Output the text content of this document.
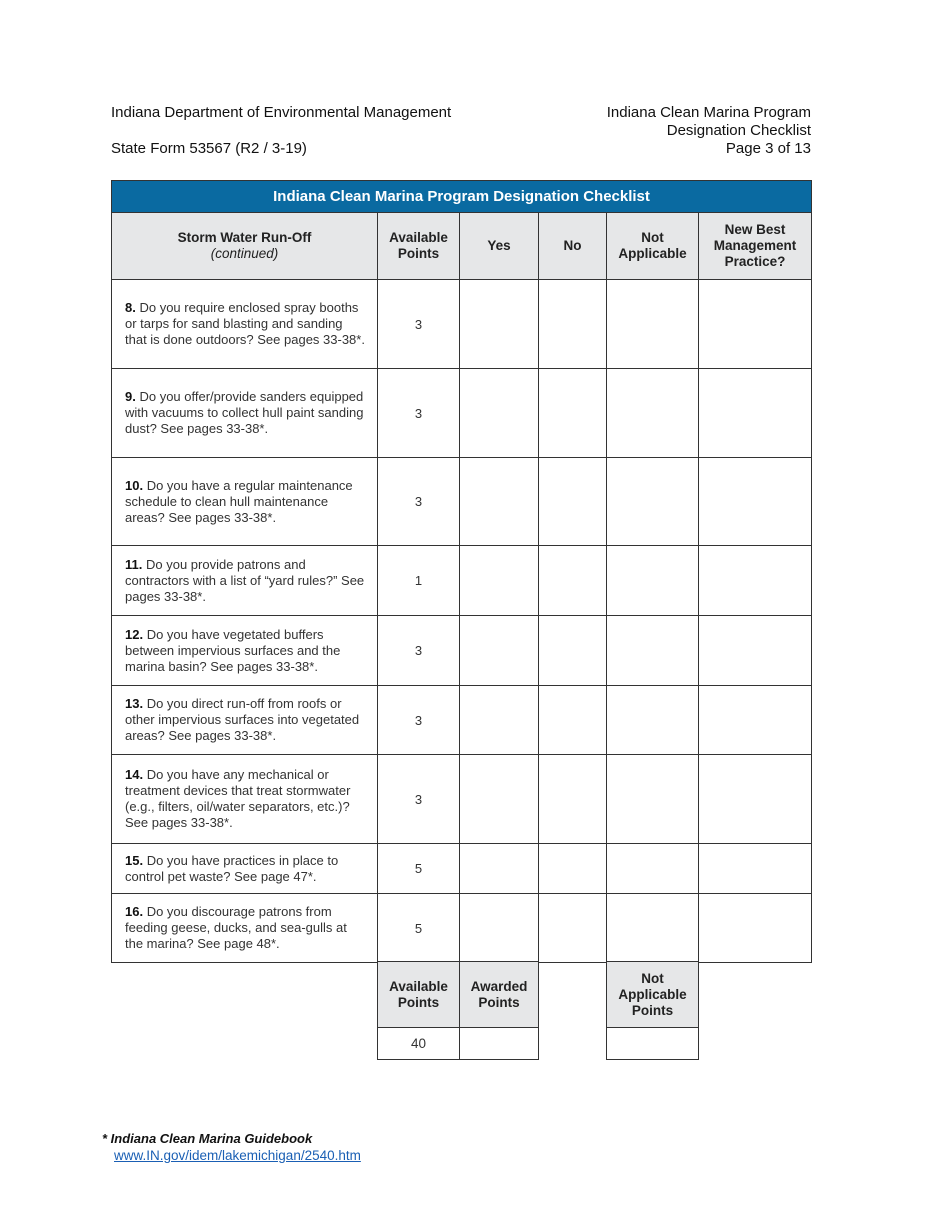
Indiana Department of Environmental Management
State Form 53567 (R2 / 3-19)
Indiana Clean Marina Program
Designation Checklist
Page 3 of 13
Indiana Clean Marina Program Designation Checklist					
Storm Water Run-Off
(continued)	Available Points	Yes	No	Not Applicable	New Best Management Practice?
8. Do you require enclosed spray booths or tarps for sand blasting and sanding that is done outdoors? See pages 33-38*.	3				
9. Do you offer/provide sanders equipped with vacuums to collect hull paint sanding dust? See pages 33-38*.	3				
10. Do you have a regular maintenance schedule to clean hull maintenance areas? See pages 33-38*.	3				
11. Do you provide patrons and contractors with a list of “yard rules?” See pages 33-38*.	1				
12. Do you have vegetated buffers between impervious surfaces and the marina basin? See pages 33-38*.	3				
13. Do you direct run-off from roofs or other impervious surfaces into vegetated areas? See pages 33-38*.	3				
14. Do you have any mechanical or treatment devices that treat stormwater (e.g., filters, oil/water separators, etc.)? See pages 33-38*.	3				
15. Do you have practices in place to control pet waste? See page 47*.	5				
16. Do you discourage patrons from feeding geese, ducks, and sea-gulls at the marina? See page 48*.	5				
Available Points	Awarded Points		Not Applicable Points
40			
* Indiana Clean Marina Guidebook
www.IN.gov/idem/lakemichigan/2540.htm
